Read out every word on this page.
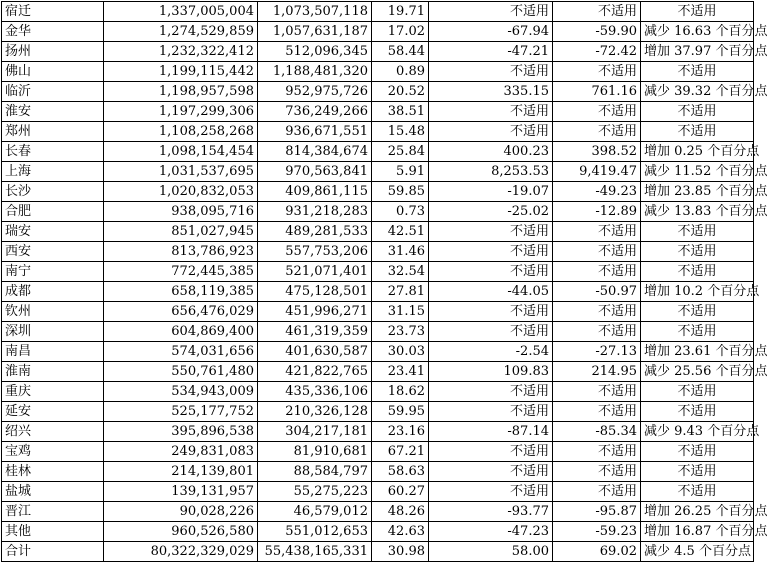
宿迁	1,337,005,004	1,073,507,118	19.71	不适用	不适用	不适用
金华	1,274,529,859	1,057,631,187	17.02	-67.94	-59.90	减少 16.63 个百分点
扬州	1,232,322,412	512,096,345	58.44	-47.21	-72.42	增加 37.97 个百分点
佛山	1,199,115,442	1,188,481,320	0.89	不适用	不适用	不适用
临沂	1,198,957,598	952,975,726	20.52	335.15	761.16	减少 39.32 个百分点
淮安	1,197,299,306	736,249,266	38.51	不适用	不适用	不适用
郑州	1,108,258,268	936,671,551	15.48	不适用	不适用	不适用
长春	1,098,154,454	814,384,674	25.84	400.23	398.52	增加 0.25 个百分点
上海	1,031,537,695	970,563,841	5.91	8,253.53	9,419.47	减少 11.52 个百分点
长沙	1,020,832,053	409,861,115	59.85	-19.07	-49.23	增加 23.85 个百分点
合肥	938,095,716	931,218,283	0.73	-25.02	-12.89	减少 13.83 个百分点
瑞安	851,027,945	489,281,533	42.51	不适用	不适用	不适用
西安	813,786,923	557,753,206	31.46	不适用	不适用	不适用
南宁	772,445,385	521,071,401	32.54	不适用	不适用	不适用
成都	658,119,385	475,128,501	27.81	-44.05	-50.97	增加 10.2 个百分点
钦州	656,476,029	451,996,271	31.15	不适用	不适用	不适用
深圳	604,869,400	461,319,359	23.73	不适用	不适用	不适用
南昌	574,031,656	401,630,587	30.03	-2.54	-27.13	增加 23.61 个百分点
淮南	550,761,480	421,822,765	23.41	109.83	214.95	减少 25.56 个百分点
重庆	534,943,009	435,336,106	18.62	不适用	不适用	不适用
延安	525,177,752	210,326,128	59.95	不适用	不适用	不适用
绍兴	395,896,538	304,217,181	23.16	-87.14	-85.34	减少 9.43 个百分点
宝鸡	249,831,083	81,910,681	67.21	不适用	不适用	不适用
桂林	214,139,801	88,584,797	58.63	不适用	不适用	不适用
盐城	139,131,957	55,275,223	60.27	不适用	不适用	不适用
晋江	90,028,226	46,579,012	48.26	-93.77	-95.87	增加 26.25 个百分点
其他	960,526,580	551,012,653	42.63	-47.23	-59.23	增加 16.87 个百分点
合计	80,322,329,029	55,438,165,331	30.98	58.00	69.02	减少 4.5 个百分点
